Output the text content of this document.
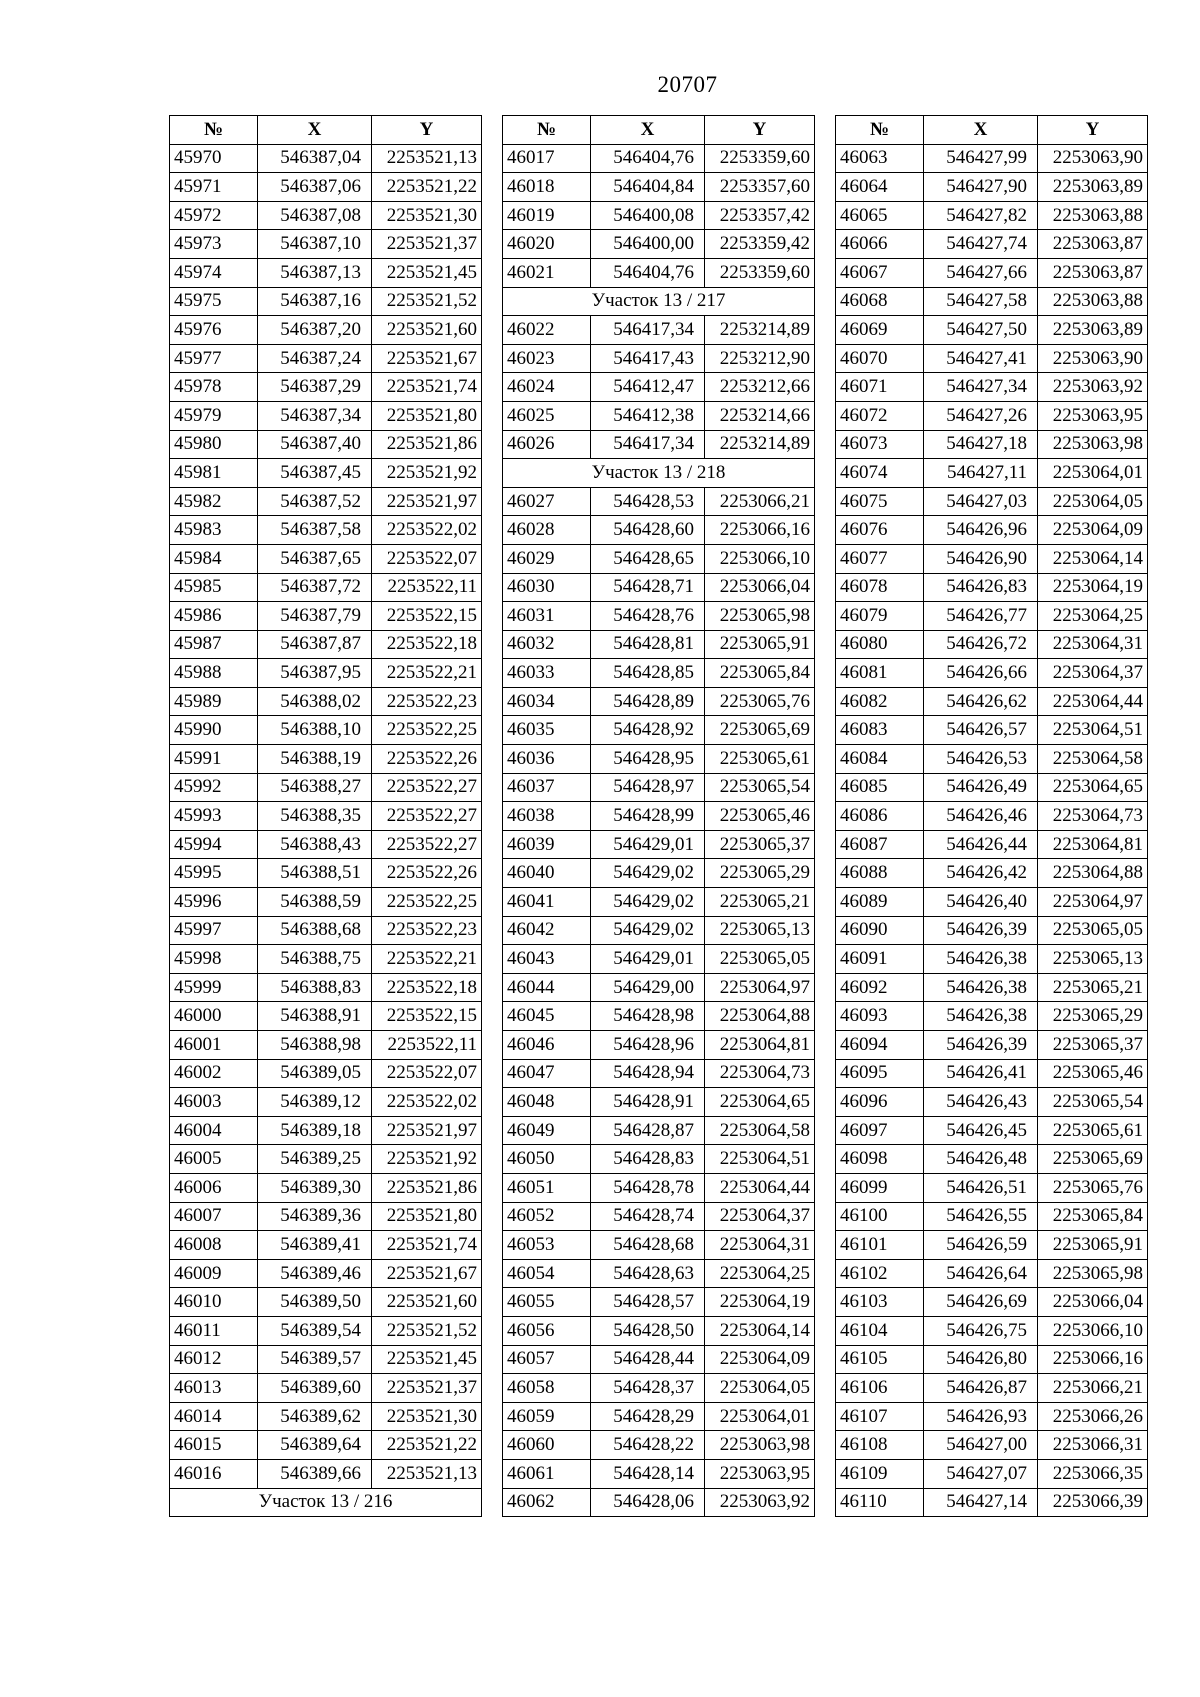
20707
№	X	Y
45970	546387,04	2253521,13
45971	546387,06	2253521,22
45972	546387,08	2253521,30
45973	546387,10	2253521,37
45974	546387,13	2253521,45
45975	546387,16	2253521,52
45976	546387,20	2253521,60
45977	546387,24	2253521,67
45978	546387,29	2253521,74
45979	546387,34	2253521,80
45980	546387,40	2253521,86
45981	546387,45	2253521,92
45982	546387,52	2253521,97
45983	546387,58	2253522,02
45984	546387,65	2253522,07
45985	546387,72	2253522,11
45986	546387,79	2253522,15
45987	546387,87	2253522,18
45988	546387,95	2253522,21
45989	546388,02	2253522,23
45990	546388,10	2253522,25
45991	546388,19	2253522,26
45992	546388,27	2253522,27
45993	546388,35	2253522,27
45994	546388,43	2253522,27
45995	546388,51	2253522,26
45996	546388,59	2253522,25
45997	546388,68	2253522,23
45998	546388,75	2253522,21
45999	546388,83	2253522,18
46000	546388,91	2253522,15
46001	546388,98	2253522,11
46002	546389,05	2253522,07
46003	546389,12	2253522,02
46004	546389,18	2253521,97
46005	546389,25	2253521,92
46006	546389,30	2253521,86
46007	546389,36	2253521,80
46008	546389,41	2253521,74
46009	546389,46	2253521,67
46010	546389,50	2253521,60
46011	546389,54	2253521,52
46012	546389,57	2253521,45
46013	546389,60	2253521,37
46014	546389,62	2253521,30
46015	546389,64	2253521,22
46016	546389,66	2253521,13
Участок 13 / 216		
№	X	Y
46017	546404,76	2253359,60
46018	546404,84	2253357,60
46019	546400,08	2253357,42
46020	546400,00	2253359,42
46021	546404,76	2253359,60
Участок 13 / 217		
46022	546417,34	2253214,89
46023	546417,43	2253212,90
46024	546412,47	2253212,66
46025	546412,38	2253214,66
46026	546417,34	2253214,89
Участок 13 / 218		
46027	546428,53	2253066,21
46028	546428,60	2253066,16
46029	546428,65	2253066,10
46030	546428,71	2253066,04
46031	546428,76	2253065,98
46032	546428,81	2253065,91
46033	546428,85	2253065,84
46034	546428,89	2253065,76
46035	546428,92	2253065,69
46036	546428,95	2253065,61
46037	546428,97	2253065,54
46038	546428,99	2253065,46
46039	546429,01	2253065,37
46040	546429,02	2253065,29
46041	546429,02	2253065,21
46042	546429,02	2253065,13
46043	546429,01	2253065,05
46044	546429,00	2253064,97
46045	546428,98	2253064,88
46046	546428,96	2253064,81
46047	546428,94	2253064,73
46048	546428,91	2253064,65
46049	546428,87	2253064,58
46050	546428,83	2253064,51
46051	546428,78	2253064,44
46052	546428,74	2253064,37
46053	546428,68	2253064,31
46054	546428,63	2253064,25
46055	546428,57	2253064,19
46056	546428,50	2253064,14
46057	546428,44	2253064,09
46058	546428,37	2253064,05
46059	546428,29	2253064,01
46060	546428,22	2253063,98
46061	546428,14	2253063,95
46062	546428,06	2253063,92
№	X	Y
46063	546427,99	2253063,90
46064	546427,90	2253063,89
46065	546427,82	2253063,88
46066	546427,74	2253063,87
46067	546427,66	2253063,87
46068	546427,58	2253063,88
46069	546427,50	2253063,89
46070	546427,41	2253063,90
46071	546427,34	2253063,92
46072	546427,26	2253063,95
46073	546427,18	2253063,98
46074	546427,11	2253064,01
46075	546427,03	2253064,05
46076	546426,96	2253064,09
46077	546426,90	2253064,14
46078	546426,83	2253064,19
46079	546426,77	2253064,25
46080	546426,72	2253064,31
46081	546426,66	2253064,37
46082	546426,62	2253064,44
46083	546426,57	2253064,51
46084	546426,53	2253064,58
46085	546426,49	2253064,65
46086	546426,46	2253064,73
46087	546426,44	2253064,81
46088	546426,42	2253064,88
46089	546426,40	2253064,97
46090	546426,39	2253065,05
46091	546426,38	2253065,13
46092	546426,38	2253065,21
46093	546426,38	2253065,29
46094	546426,39	2253065,37
46095	546426,41	2253065,46
46096	546426,43	2253065,54
46097	546426,45	2253065,61
46098	546426,48	2253065,69
46099	546426,51	2253065,76
46100	546426,55	2253065,84
46101	546426,59	2253065,91
46102	546426,64	2253065,98
46103	546426,69	2253066,04
46104	546426,75	2253066,10
46105	546426,80	2253066,16
46106	546426,87	2253066,21
46107	546426,93	2253066,26
46108	546427,00	2253066,31
46109	546427,07	2253066,35
46110	546427,14	2253066,39
